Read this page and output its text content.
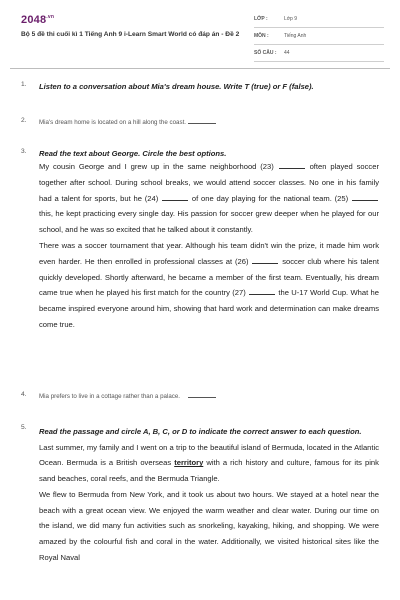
$2048^{.vn}$
Bộ 5 đề thi cuối kì 1 Tiếng Anh 9 i-Learn Smart World có đáp án - Đề 2
LỚP :	Lớp 9
MÔN :	Tiếng Anh
SỐ CÂU : 44
1. Listen to a conversation about Mia's dream house. Write T (true) or F (false).
2. Mia's dream home is located on a hill along the coast.
3. Read the text about George. Circle the best options.

My cousin George and I grew up in the same neighborhood (23)	often played soccer together after school. During school breaks, we would attend soccer classes. No one in his family had a talent for sports, but he (24)	of one day playing for the national team. (25)  this, he kept practicing every single day. His passion for soccer grew deeper when he played for our school, and he was so excited that he talked about it constantly.

There was a soccer tournament that year. Although his team didn't win the prize, it made him work even harder. He then enrolled in professional classes at (26)	soccer club where his talent quickly developed. Shortly afterward, he became a member of the first team. Eventually, his dream came true when he played his first match for the country (27)	the U-17 World Cup. What he became inspired everyone around him, showing that hard work and determination can make dreams come true.

4. Mia prefers to live in a cottage rather than a palace.
5. Read the passage and circle A, B, C, or D to indicate the correct answer to each question.

Last summer, my family and I went on a trip to the beautiful island of Bermuda, located in the Atlantic Ocean. Bermuda is a British overseas territory with a rich history and culture, famous for its pink sand beaches, coral reefs, and the Bermuda Triangle.

We flew to Bermuda from New York, and it took us about two hours. We stayed at a hotel near the beach with a great ocean view. We enjoyed the warm weather and clear water. During our time on the island, we did many fun activities such as snorkeling, kayaking, hiking, and shopping. We were amazed by the colourful fish and coral in the water. Additionally, we visited historical sites like the Royal Naval
